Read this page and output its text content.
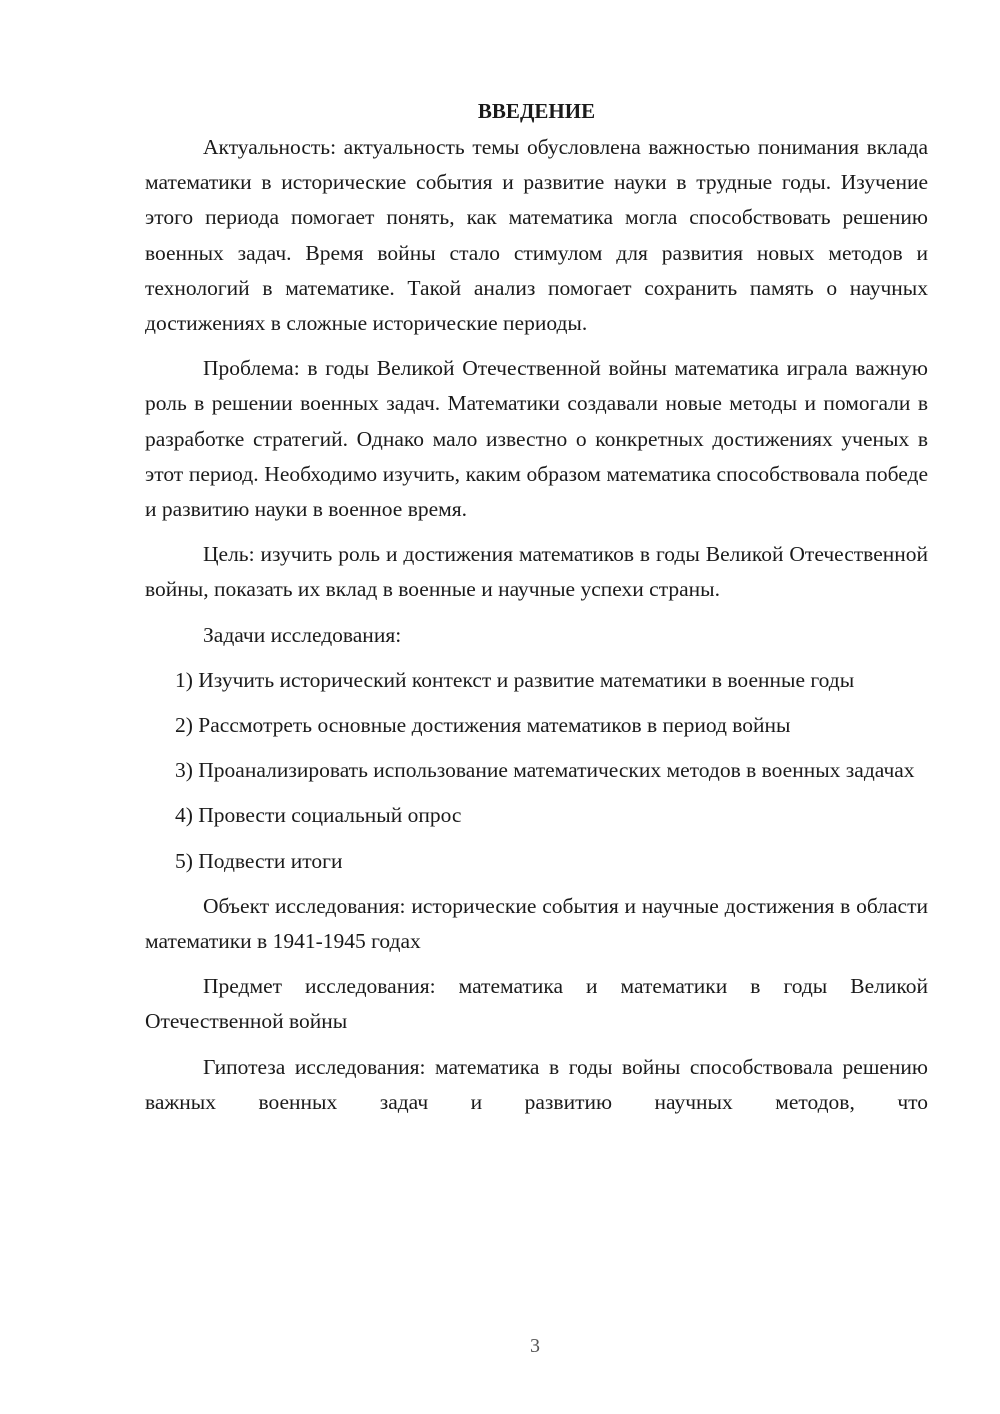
ВВЕДЕНИЕ

Актуальность: актуальность темы обусловлена важностью понимания вклада математики в исторические события и развитие науки в трудные годы. Изучение этого периода помогает понять, как математика могла способствовать решению военных задач. Время войны стало стимулом для развития новых методов и технологий в математике. Такой анализ помогает сохранить память о научных достижениях в сложные исторические периоды.

Проблема: в годы Великой Отечественной войны математика играла важную роль в решении военных задач. Математики создавали новые методы и помогали в разработке стратегий. Однако мало известно о конкретных достижениях ученых в этот период. Необходимо изучить, каким образом математика способствовала победе и развитию науки в военное время.

Цель: изучить роль и достижения математиков в годы Великой Отечественной войны, показать их вклад в военные и научные успехи страны.

Задачи исследования:

1) Изучить исторический контекст и развитие математики в военные годы

2) Рассмотреть основные достижения математиков в период войны

3) Проанализировать использование математических методов в военных задачах

4) Провести социальный опрос

5) Подвести итоги

Объект исследования: исторические события и научные достижения в области математики в 1941-1945 годах

Предмет исследования: математика и математики в годы Великой Отечественной войны

Гипотеза исследования: математика в годы войны способствовала решению важных военных задач и развитию научных методов, что

3
